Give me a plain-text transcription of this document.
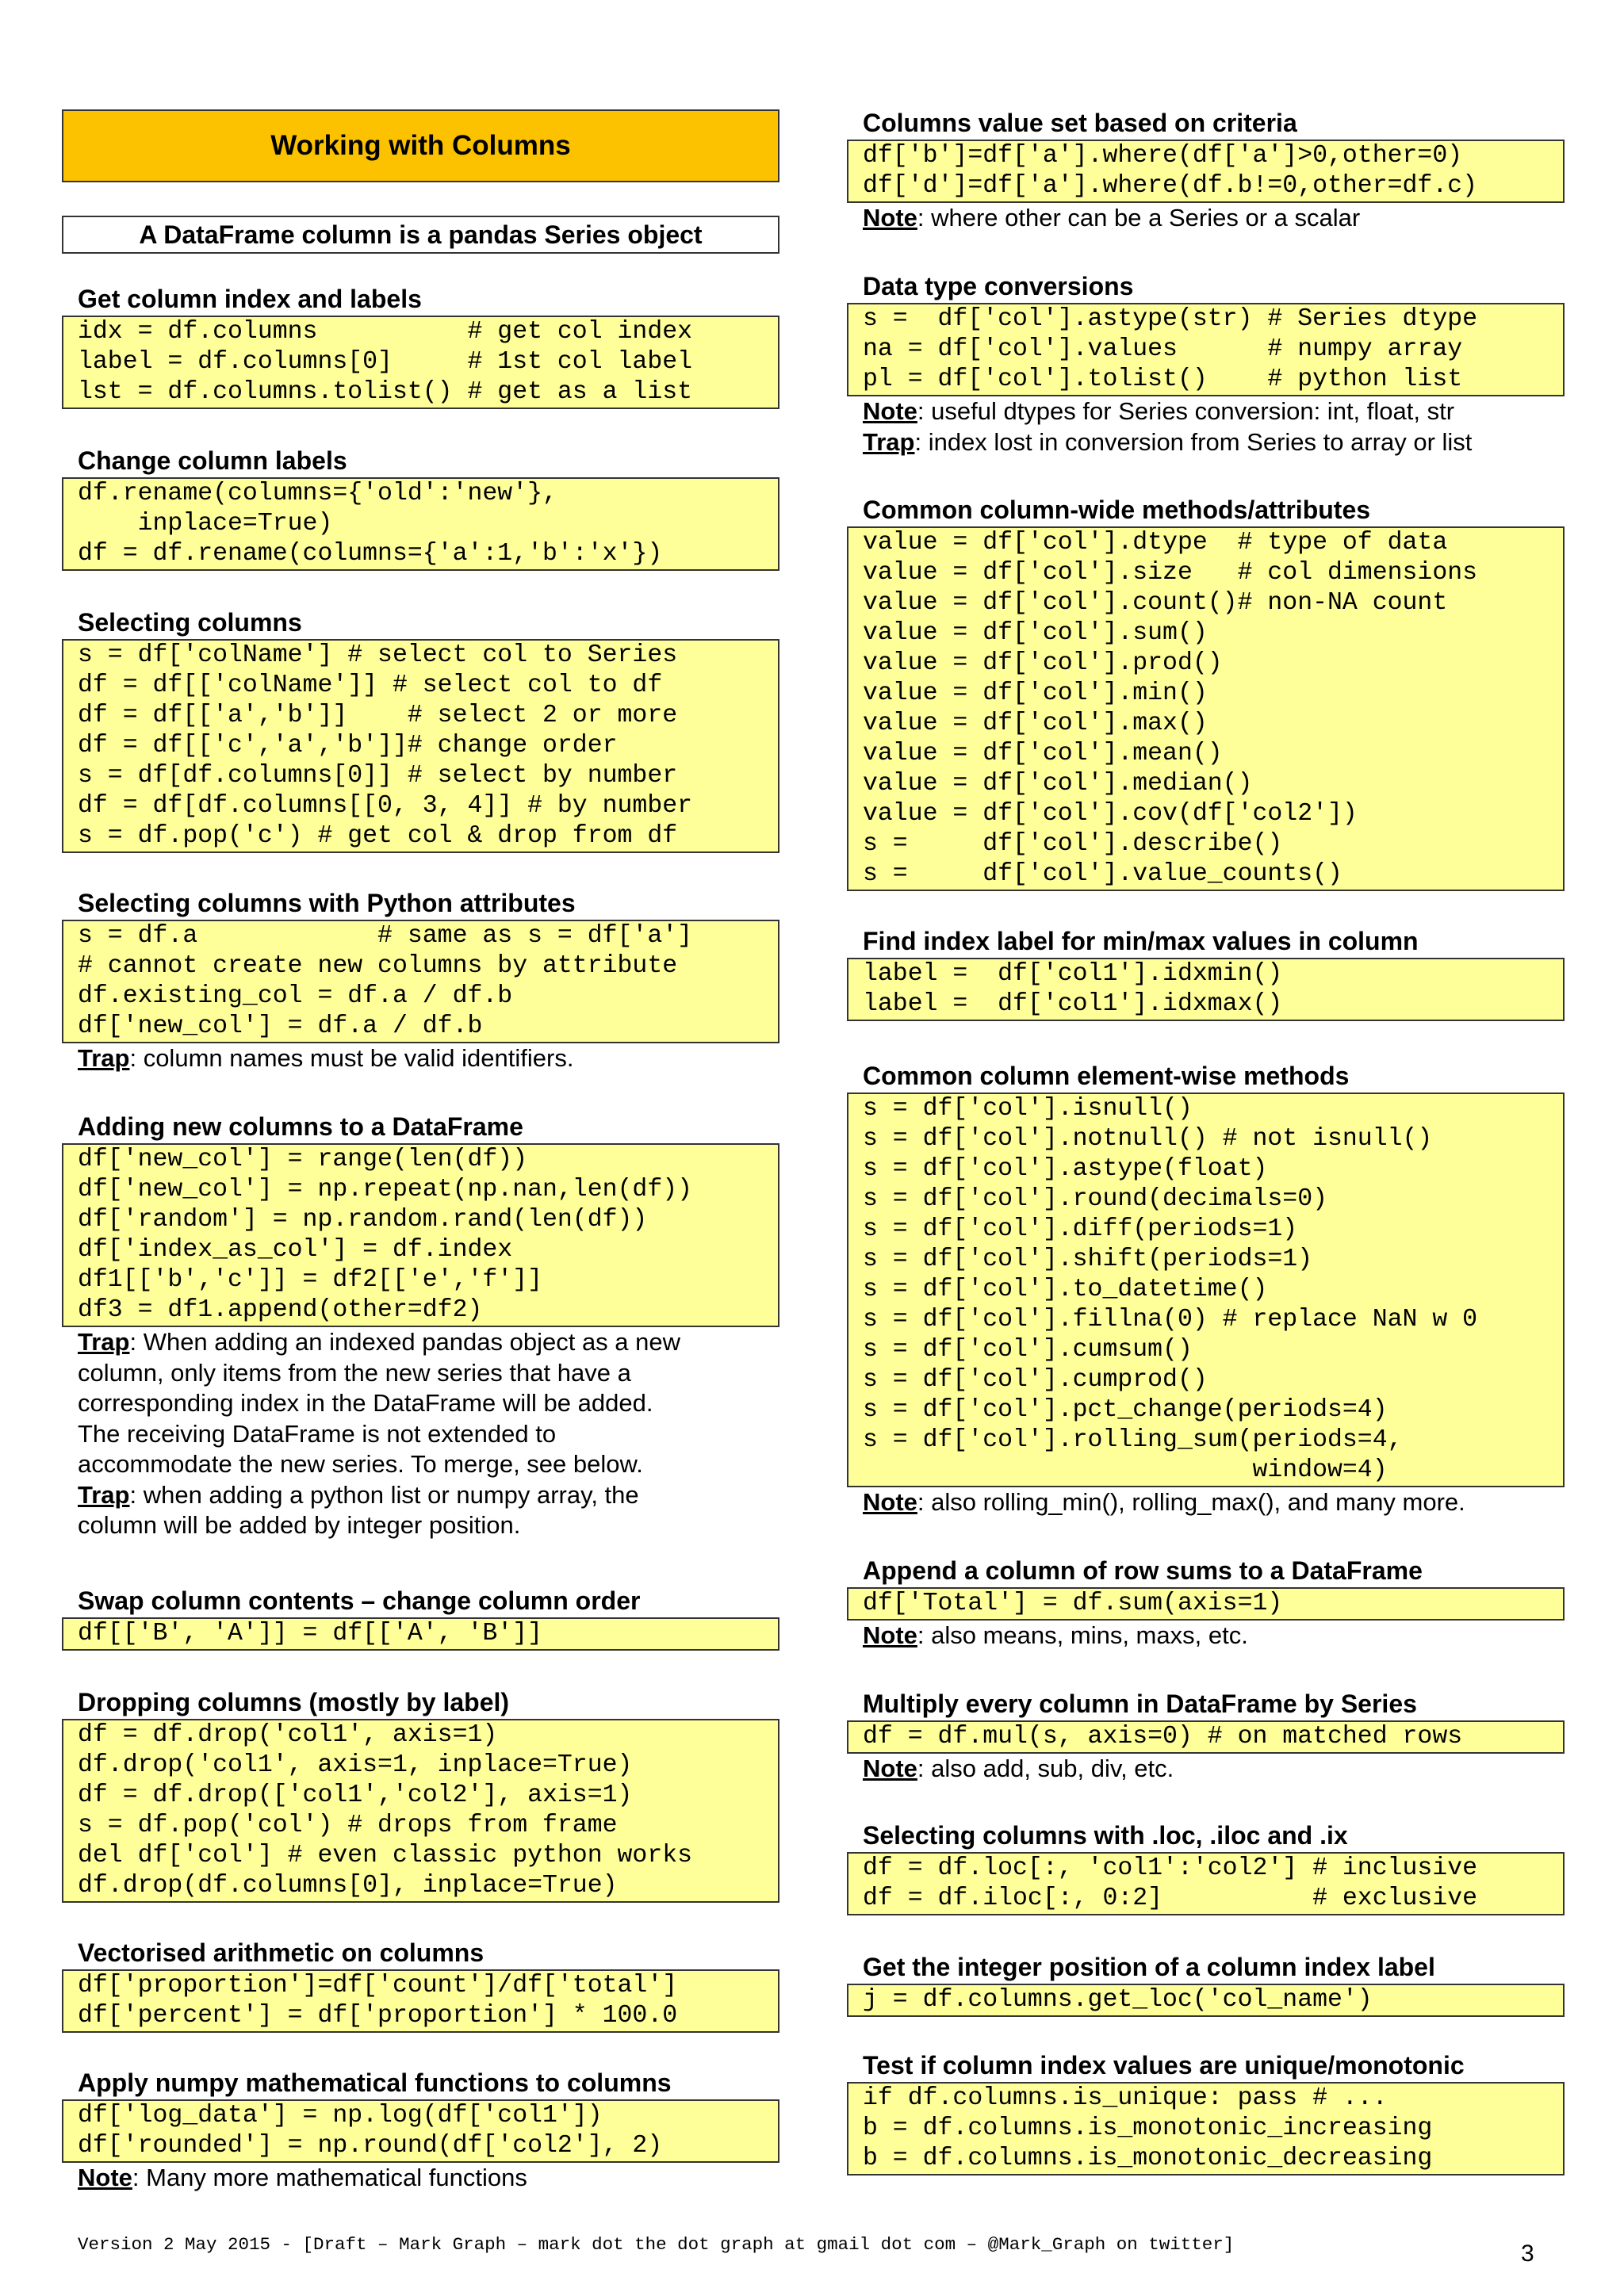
Working with Columns
A DataFrame column is a pandas Series object
Get column index and labels
idx = df.columns          # get col index
label = df.columns[0]     # 1st col label
lst = df.columns.tolist() # get as a list
Change column labels
df.rename(columns={'old':'new'},
inplace=True)
df = df.rename(columns={'a':1,'b':'x'})
Selecting columns
s = df['colName'] # select col to Series
df = df[['colName']] # select col to df
df = df[['a','b']]    # select 2 or more
df = df[['c','a','b']]# change order
s = df[df.columns[0]] # select by number
df = df[df.columns[[0, 3, 4]] # by number
s = df.pop('c') # get col & drop from df
Selecting columns with Python attributes
s = df.a            # same as s = df['a']
# cannot create new columns by attribute
df.existing_col = df.a / df.b
df['new_col'] = df.a / df.b
Trap: column names must be valid identifiers.
Adding new columns to a DataFrame
df['new_col'] = range(len(df))
df['new_col'] = np.repeat(np.nan,len(df))
df['random'] = np.random.rand(len(df))
df['index_as_col'] = df.index
df1[['b','c']] = df2[['e','f']]
df3 = df1.append(other=df2)
Trap: When adding an indexed pandas object as a new
column, only items from the new series that have a
corresponding index in the DataFrame will be added.
The receiving DataFrame is not extended to
accommodate the new series. To merge, see below.
Trap: when adding a python list or numpy array, the
column will be added by integer position.
Swap column contents – change column order
df[['B', 'A']] = df[['A', 'B']]
Dropping columns (mostly by label)
df = df.drop('col1', axis=1)
df.drop('col1', axis=1, inplace=True)
df = df.drop(['col1','col2'], axis=1)
s = df.pop('col') # drops from frame
del df['col'] # even classic python works
df.drop(df.columns[0], inplace=True)
Vectorised arithmetic on columns
df['proportion']=df['count']/df['total']
df['percent'] = df['proportion'] * 100.0
Apply numpy mathematical functions to columns
df['log_data'] = np.log(df['col1'])
df['rounded'] = np.round(df['col2'], 2)
Note: Many more mathematical functions
Columns value set based on criteria
df['b']=df['a'].where(df['a']>0,other=0)
df['d']=df['a'].where(df.b!=0,other=df.c)
Note: where other can be a Series or a scalar
Data type conversions
s =  df['col'].astype(str) # Series dtype
na = df['col'].values      # numpy array
pl = df['col'].tolist()    # python list
Note: useful dtypes for Series conversion: int, float, str
Trap: index lost in conversion from Series to array or list
Common column-wide methods/attributes
value = df['col'].dtype  # type of data
value = df['col'].size   # col dimensions
value = df['col'].count()# non-NA count
value = df['col'].sum()
value = df['col'].prod()
value = df['col'].min()
value = df['col'].max()
value = df['col'].mean()
value = df['col'].median()
value = df['col'].cov(df['col2'])
s =     df['col'].describe()
s =     df['col'].value_counts()
Find index label for min/max values in column
label =  df['col1'].idxmin()
label =  df['col1'].idxmax()
Common column element-wise methods
s = df['col'].isnull()
s = df['col'].notnull() # not isnull()
s = df['col'].astype(float)
s = df['col'].round(decimals=0)
s = df['col'].diff(periods=1)
s = df['col'].shift(periods=1)
s = df['col'].to_datetime()
s = df['col'].fillna(0) # replace NaN w 0
s = df['col'].cumsum()
s = df['col'].cumprod()
s = df['col'].pct_change(periods=4)
s = df['col'].rolling_sum(periods=4,
window=4)
Note: also rolling_min(), rolling_max(), and many more.
Append a column of row sums to a DataFrame
df['Total'] = df.sum(axis=1)
Note: also means, mins, maxs, etc.
Multiply every column in DataFrame by Series
df = df.mul(s, axis=0) # on matched rows
Note: also add, sub, div, etc.
Selecting columns with .loc, .iloc and .ix
df = df.loc[:, 'col1':'col2'] # inclusive
df = df.iloc[:, 0:2]          # exclusive
Get the integer position of a column index label
j = df.columns.get_loc('col_name')
Test if column index values are unique/monotonic
if df.columns.is_unique: pass # ...
b = df.columns.is_monotonic_increasing
b = df.columns.is_monotonic_decreasing
Version 2 May 2015 - [Draft – Mark Graph – mark dot the dot graph at gmail dot com – @Mark_Graph on twitter]	3
